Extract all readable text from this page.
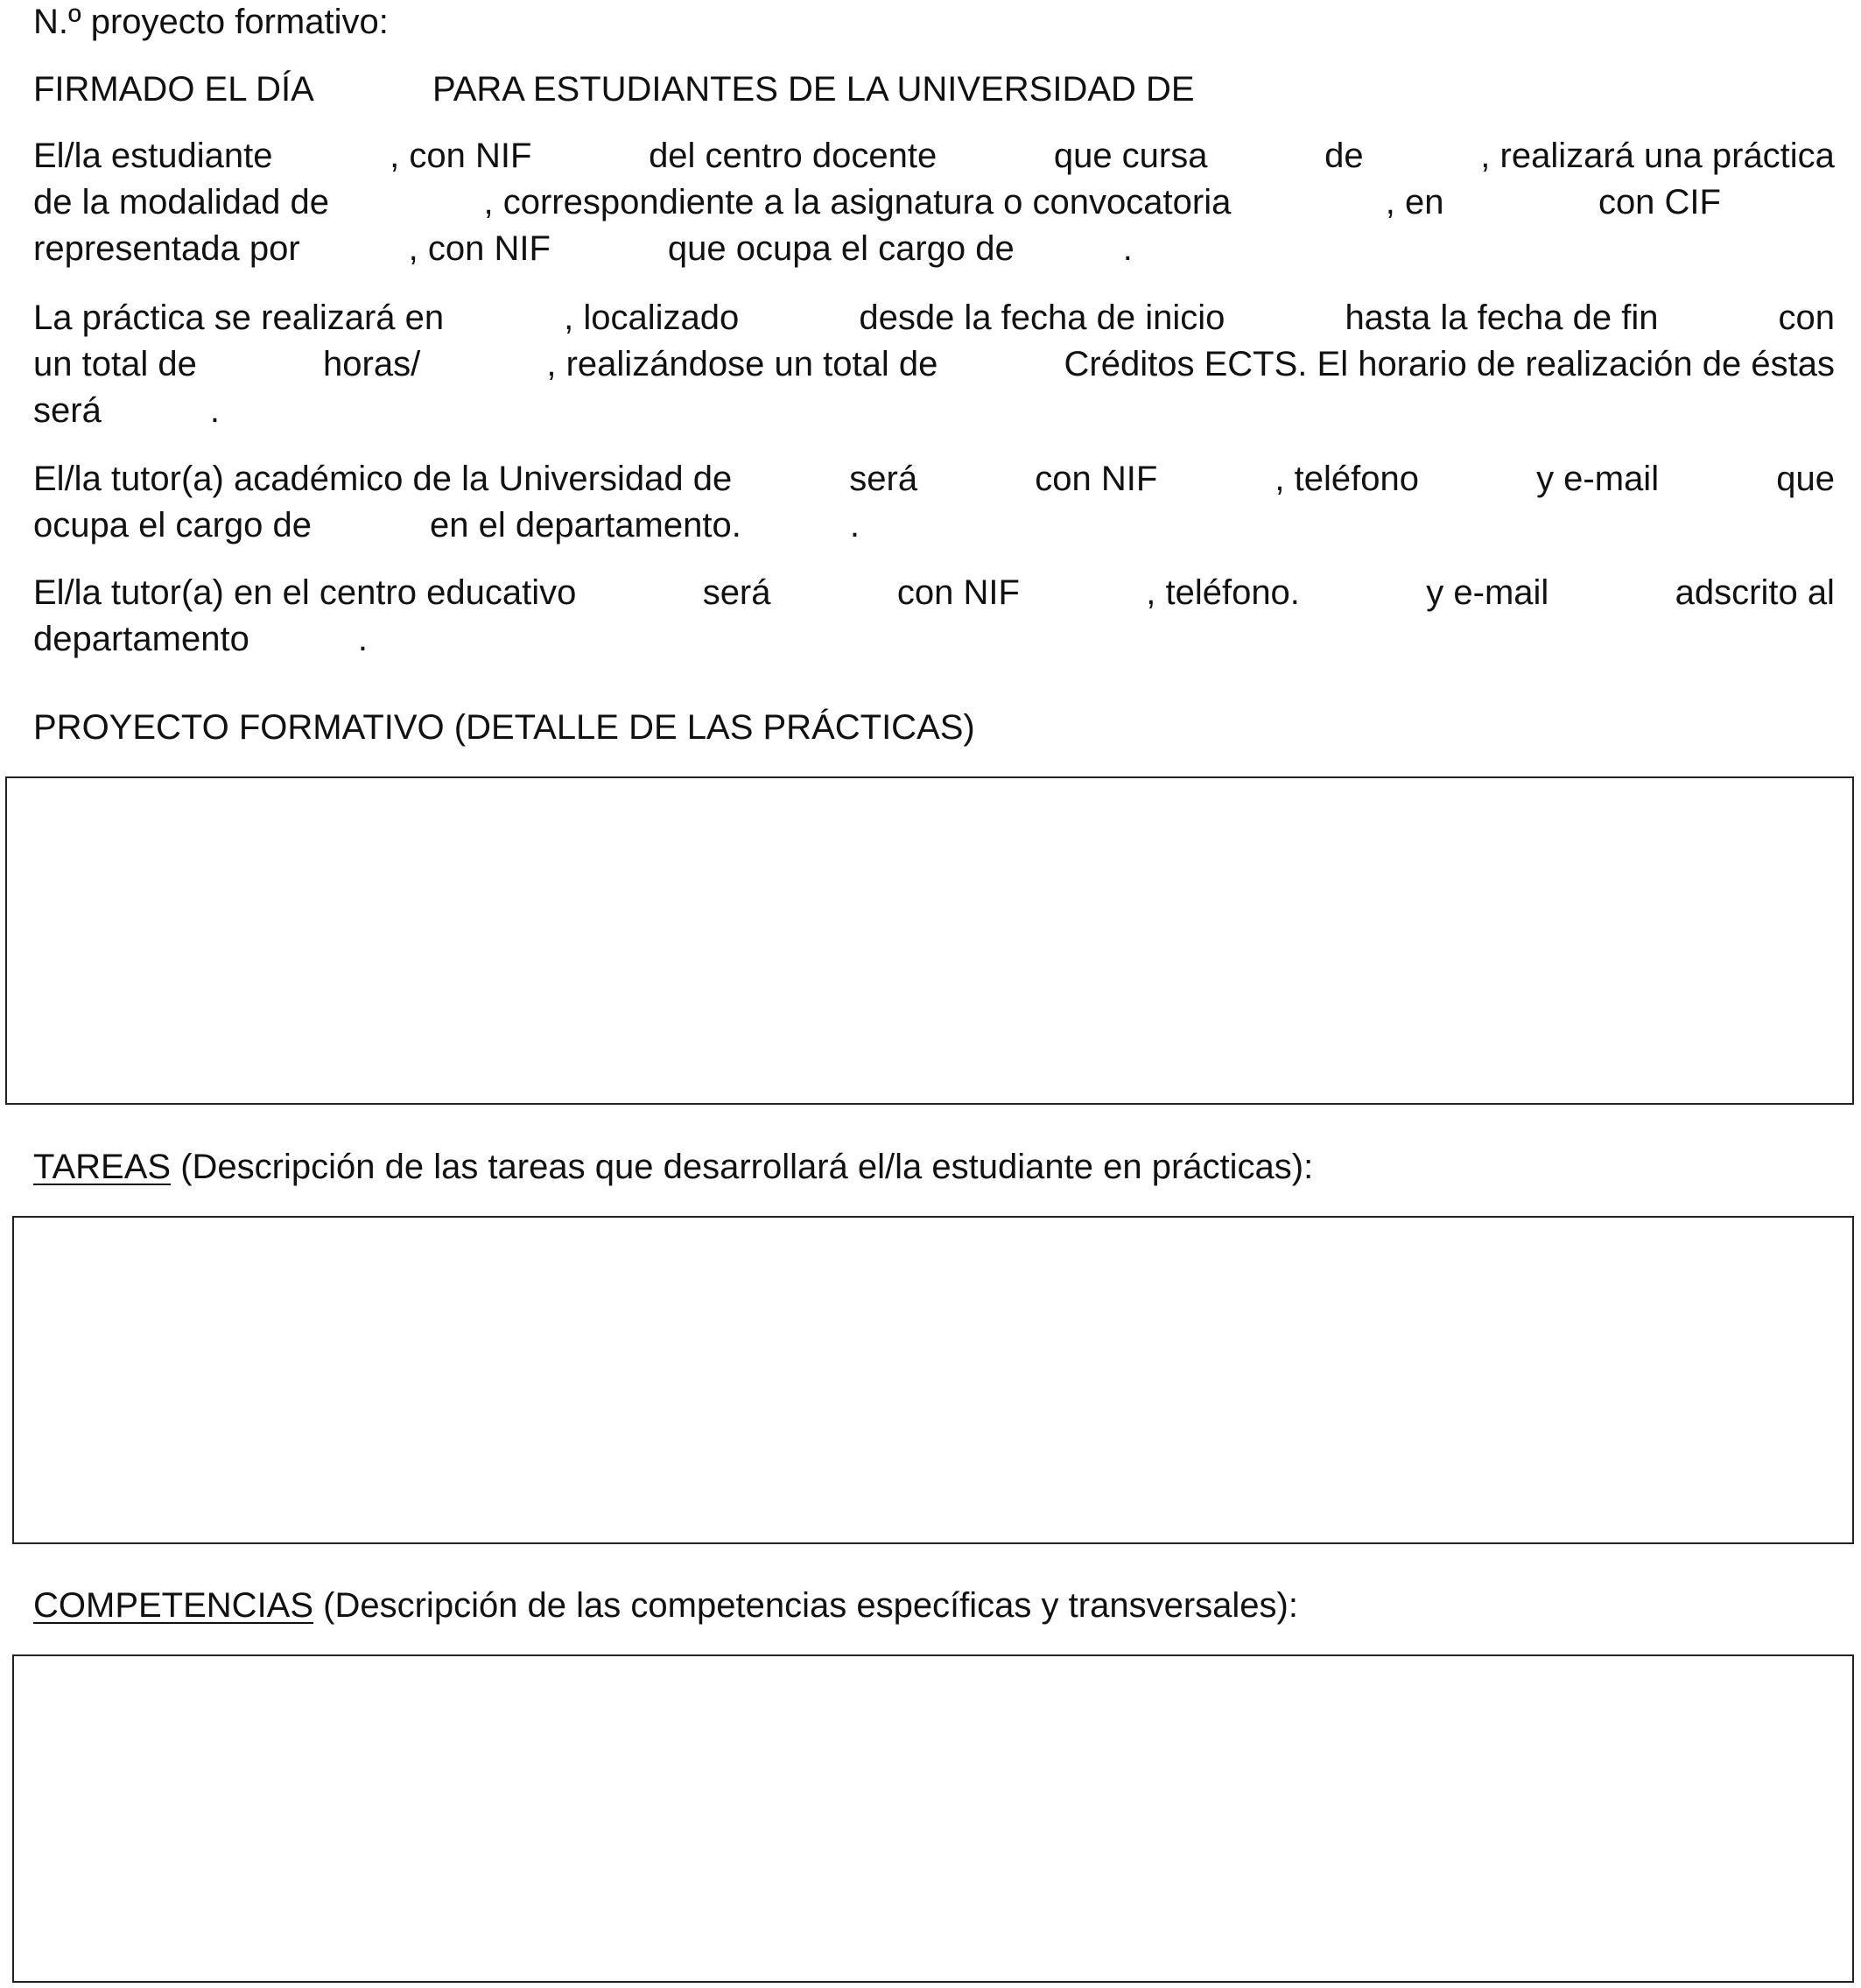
N.º proyecto formativo:
FIRMADO EL DÍA	PARA ESTUDIANTES DE LA UNIVERSIDAD DE
El/la estudiante	, con NIF	del centro docente	que cursa	de	, realizará una práctica
de la modalidad de	, correspondiente a la asignatura o convocatoria	, en	con CIF
representada por	, con NIF	que ocupa el cargo de	.
La práctica se realizará en	, localizado	desde la fecha de inicio	hasta la fecha de fin	con
un total de	horas/	, realizándose un total de	Créditos ECTS. El horario de realización de éstas
será	.
El/la tutor(a) académico de la Universidad de	será	con NIF	, teléfono	y e-mail	que
ocupa el cargo de	en el departamento.	.
El/la tutor(a) en el centro educativo	será	con NIF	, teléfono.	y e-mail	adscrito al
departamento	.
PROYECTO FORMATIVO (DETALLE DE LAS PRÁCTICAS)
TAREAS (Descripción de las tareas que desarrollará el/la estudiante en prácticas):
COMPETENCIAS (Descripción de las competencias específicas y transversales):
